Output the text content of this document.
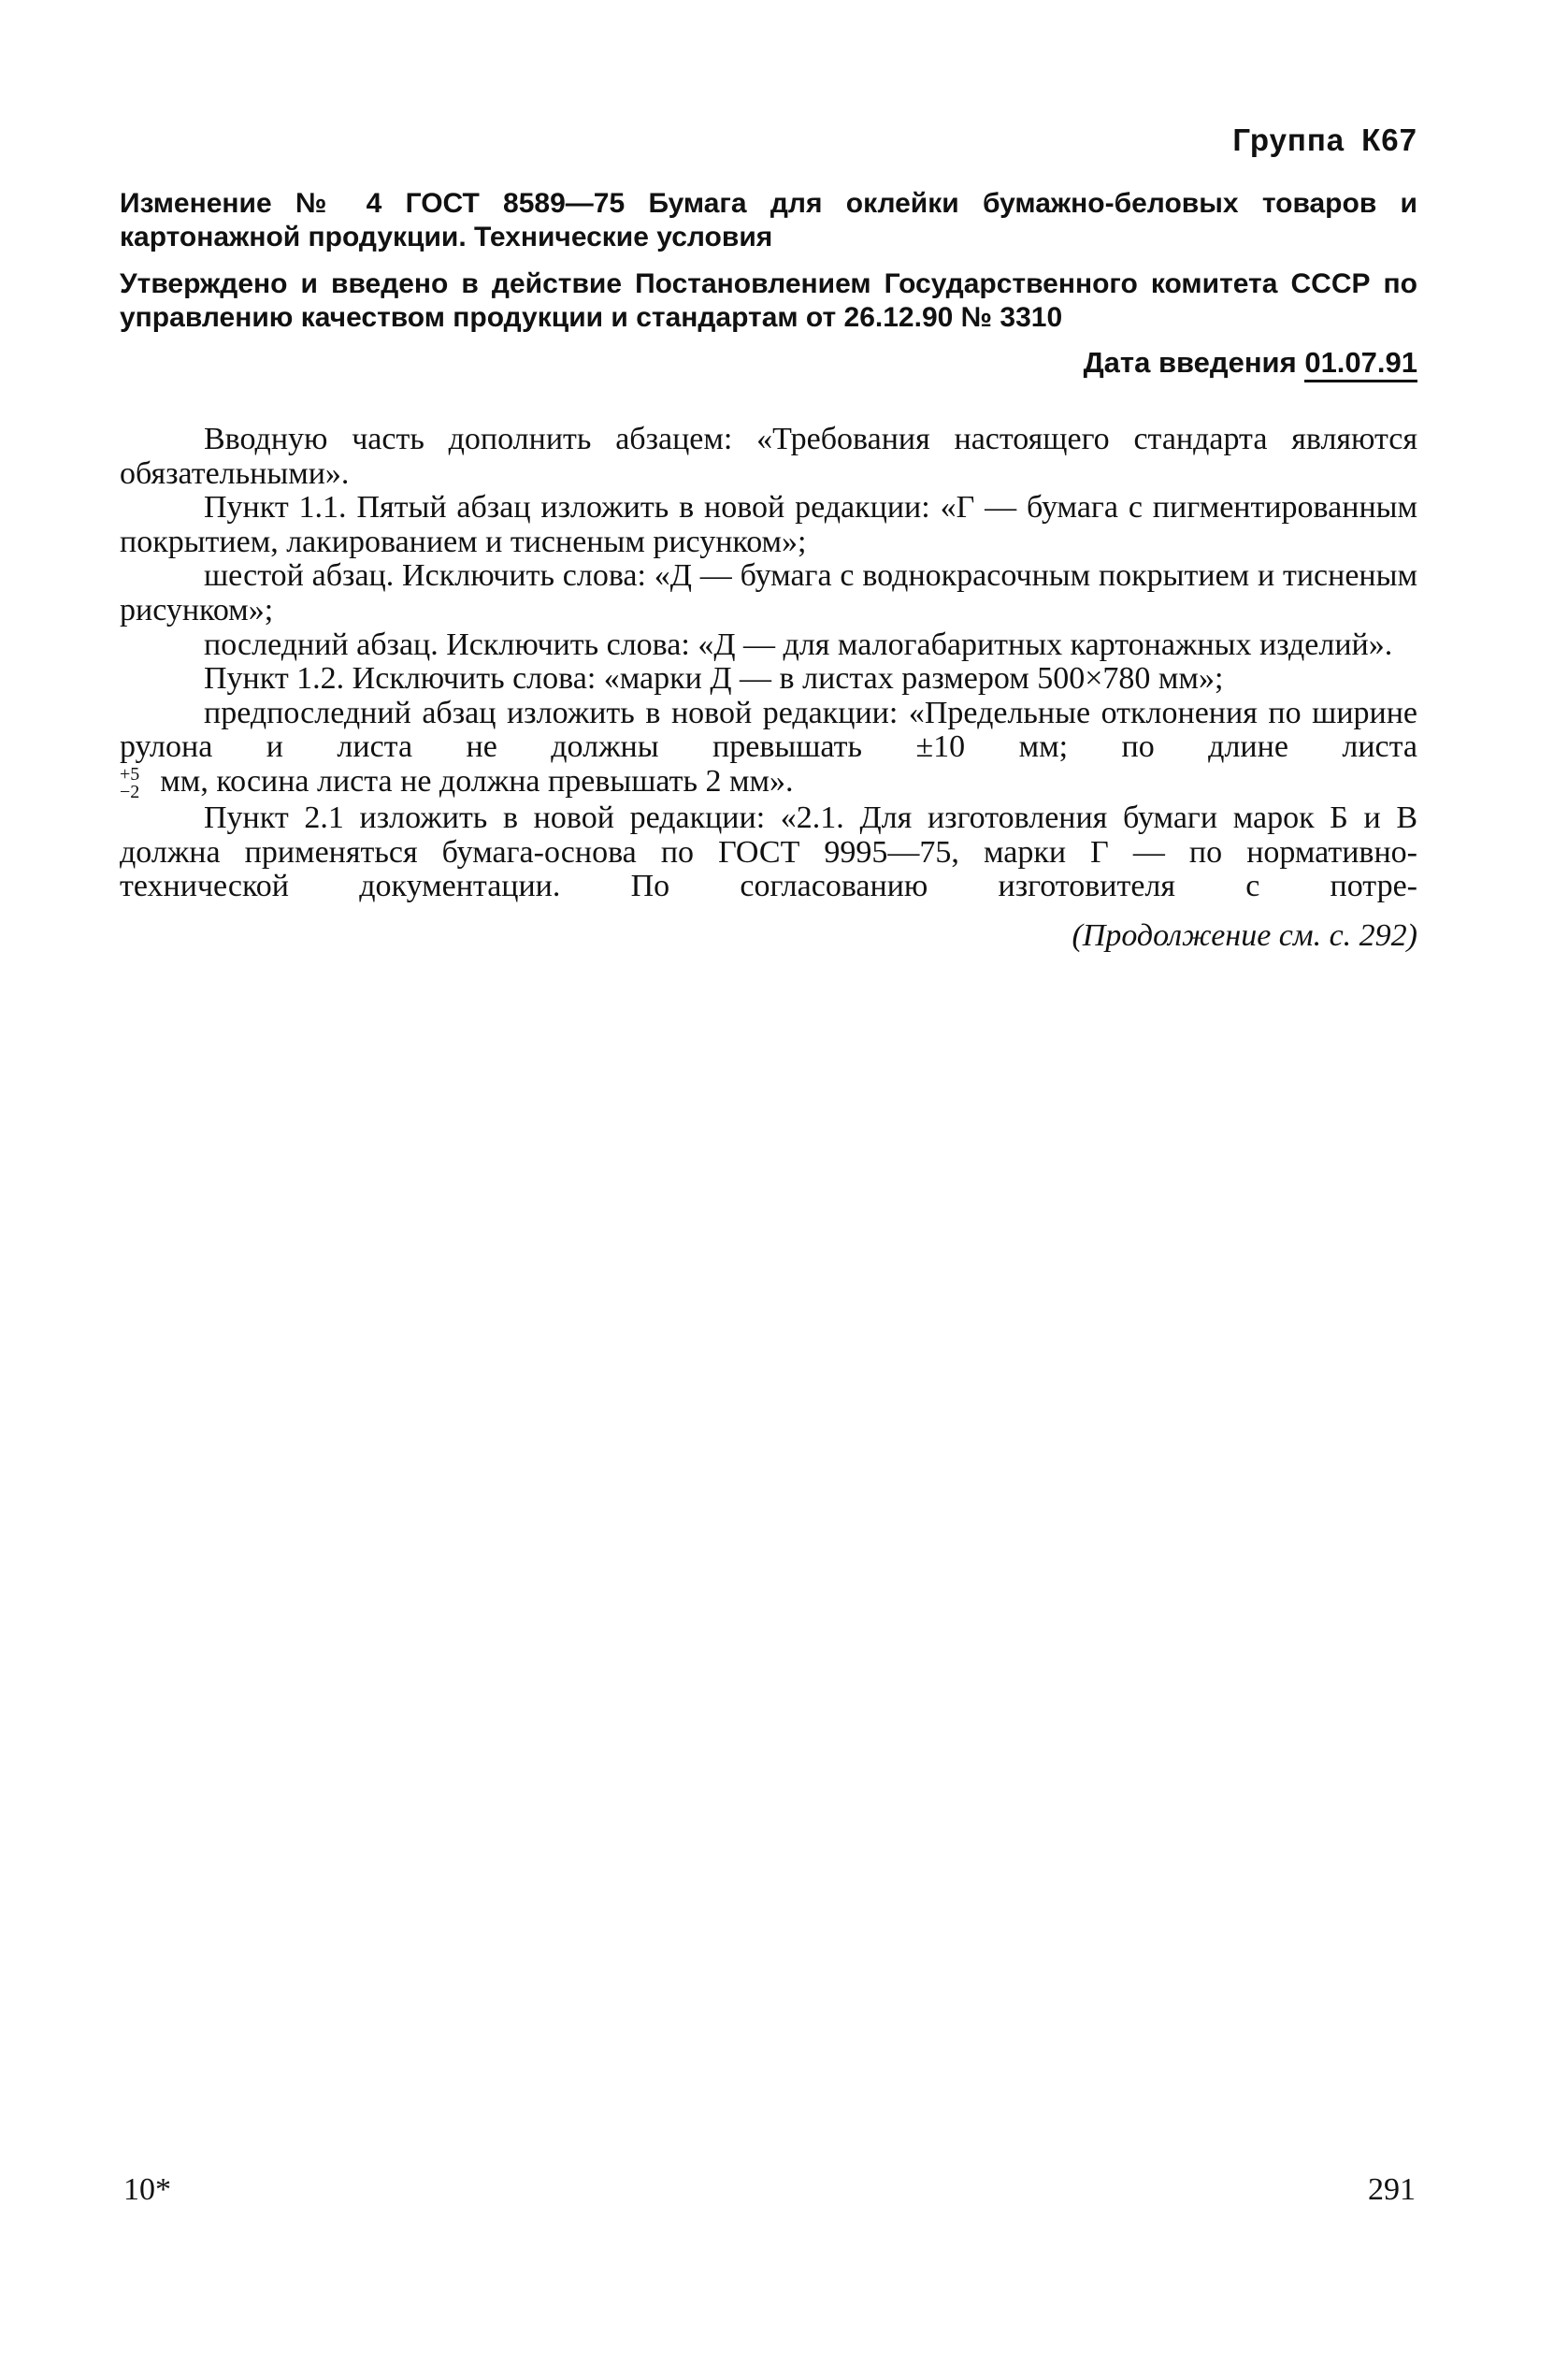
Группа К67
Изменение № 4 ГОСТ 8589—75 Бумага для оклейки бумажно-беловых товаров и картонажной продукции. Технические условия
Утверждено и введено в действие Постановлением Государственного комитета СССР по управлению качеством продукции и стандартам от 26.12.90 № 3310
Дата введения 01.07.91

Вводную часть дополнить абзацем: «Требования настоящего стандарта являются обязательными».

Пункт 1.1. Пятый абзац изложить в новой редакции: «Г — бумага с пигментированным покрытием, лакированием и тисненым рисунком»;

шестой абзац. Исключить слова: «Д — бумага с воднокрасочным покрытием и тисненым рисунком»;

последний абзац. Исключить слова: «Д — для малогабаритных картонажных изделий».

Пункт 1.2. Исключить слова: «марки Д — в листах размером 500×780 мм»;

предпоследний абзац изложить в новой редакции: «Предельные отклонения по ширине рулона и листа не должны превышать ±10 мм; по длине листа

+5
−2 мм, косина листа не должна превышать 2 мм».

Пункт 2.1 изложить в новой редакции: «2.1. Для изготовления бумаги марок Б и В должна применяться бумага-основа по ГОСТ 9995—75, марки Г — по нормативно-технической документации. По согласованию изготовителя с потре-

(Продолжение см. с. 292)
10*	291
